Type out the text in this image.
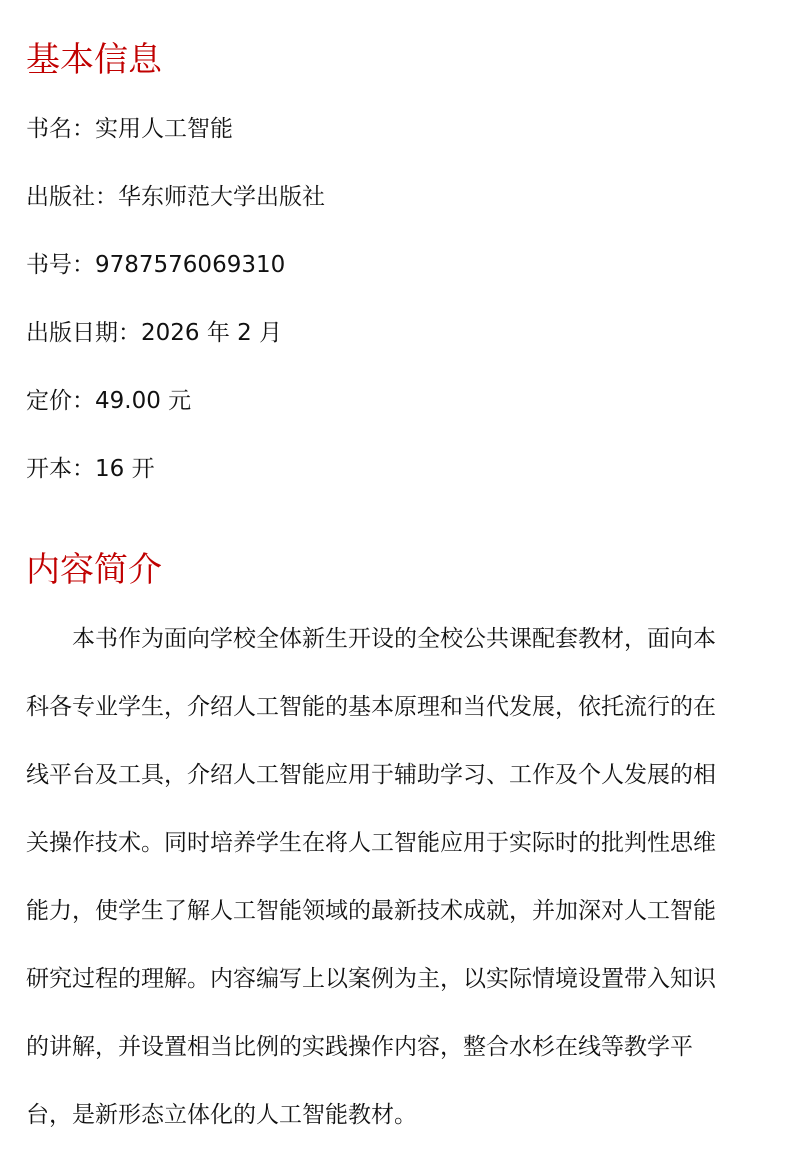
基本信息

书名：实用人工智能

出版社：华东师范大学出版社

书号：9787576069310

出版日期：2026 年 2 月

定价：49.00 元

开本：16 开

内容简介

本书作为面向学校全体新生开设的全校公共课配套教材，面向本

科各专业学生，介绍人工智能的基本原理和当代发展，依托流行的在

线平台及工具，介绍人工智能应用于辅助学习、工作及个人发展的相

关操作技术。同时培养学生在将人工智能应用于实际时的批判性思维

能力，使学生了解人工智能领域的最新技术成就，并加深对人工智能

研究过程的理解。内容编写上以案例为主，以实际情境设置带入知识

的讲解，并设置相当比例的实践操作内容，整合水杉在线等教学平

台，是新形态立体化的人工智能教材。
